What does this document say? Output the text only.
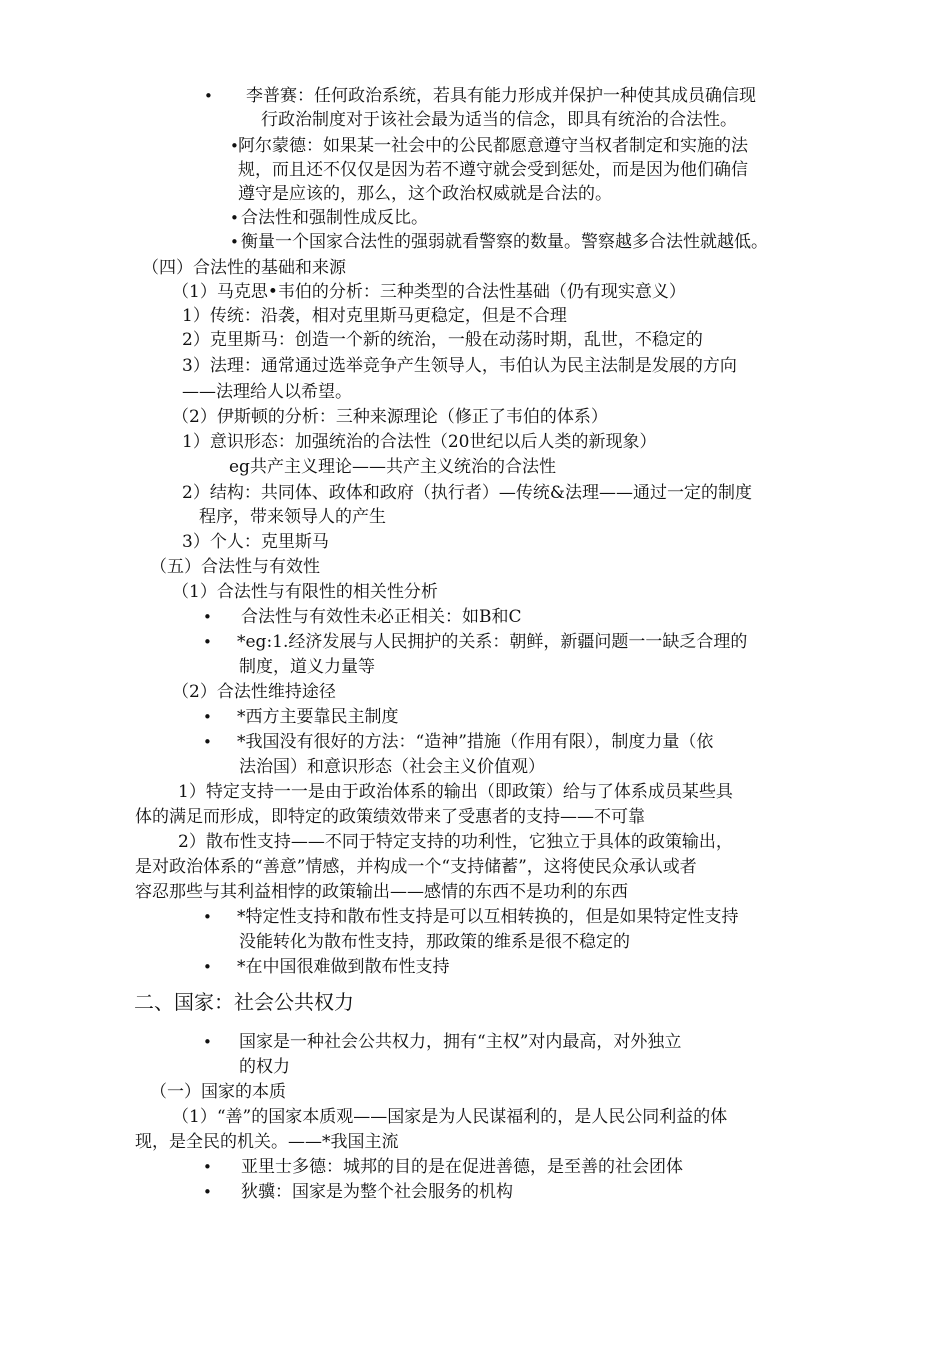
• 李普赛：任何政治系统，若具有能力形成并保护一种使其成员确信现
行政治制度对于该社会最为适当的信念，即具有统治的合法性。
• 阿尔蒙德：如果某一社会中的公民都愿意遵守当权者制定和实施的法
规，而且还不仅仅是因为若不遵守就会受到惩处，而是因为他们确信
遵守是应该的，那么，这个政治权威就是合法的。
• 合法性和强制性成反比。
• 衡量一个国家合法性的强弱就看警察的数量。警察越多合法性就越低。
（四）合法性的基础和来源
（1）马克思•韦伯的分析：三种类型的合法性基础（仍有现实意义）
1）传统：沿袭，相对克里斯马更稳定，但是不合理
2）克里斯马：创造一个新的统治，一般在动荡时期，乱世，不稳定的
3）法理：通常通过选举竞争产生领导人，韦伯认为民主法制是发展的方向
——法理给人以希望。
（2）伊斯顿的分析：三种来源理论（修正了韦伯的体系）
1）意识形态：加强统治的合法性（20世纪以后人类的新现象）
eg共产主义理论——共产主义统治的合法性
2）结构：共同体、政体和政府（执行者）—传统&法理——通过一定的制度
程序，带来领导人的产生
3）个人：克里斯马
（五）合法性与有效性
（1）合法性与有限性的相关性分析
• 合法性与有效性未必正相关：如B和C
• *eg:1.经济发展与人民拥护的关系：朝鲜，新疆问题一一缺乏合理的
制度，道义力量等
（2）合法性维持途径
• *西方主要靠民主制度
• *我国没有很好的方法：“造神”措施（作用有限），制度力量（依
法治国）和意识形态（社会主义价值观）
1）特定支持一一是由于政治体系的输出（即政策）给与了体系成员某些具
体的满足而形成，即特定的政策绩效带来了受惠者的支持——不可靠
2）散布性支持——不同于特定支持的功利性，它独立于具体的政策输出，
是对政治体系的“善意”情感，并构成一个“支持储蓄”，这将使民众承认或者
容忍那些与其利益相悖的政策输出——感情的东西不是功利的东西
• *特定性支持和散布性支持是可以互相转换的，但是如果特定性支持
没能转化为散布性支持，那政策的维系是很不稳定的
• *在中国很难做到散布性支持
二、国家：社会公共权力
• 国家是一种社会公共权力，拥有“主权”对内最高，对外独立
的权力
（一）国家的本质
（1）“善”的国家本质观——国家是为人民谋福利的，是人民公同利益的体
现，是全民的机关。——*我国主流
• 亚里士多德：城邦的目的是在促进善德，是至善的社会团体
• 狄骥：国家是为整个社会服务的机构
